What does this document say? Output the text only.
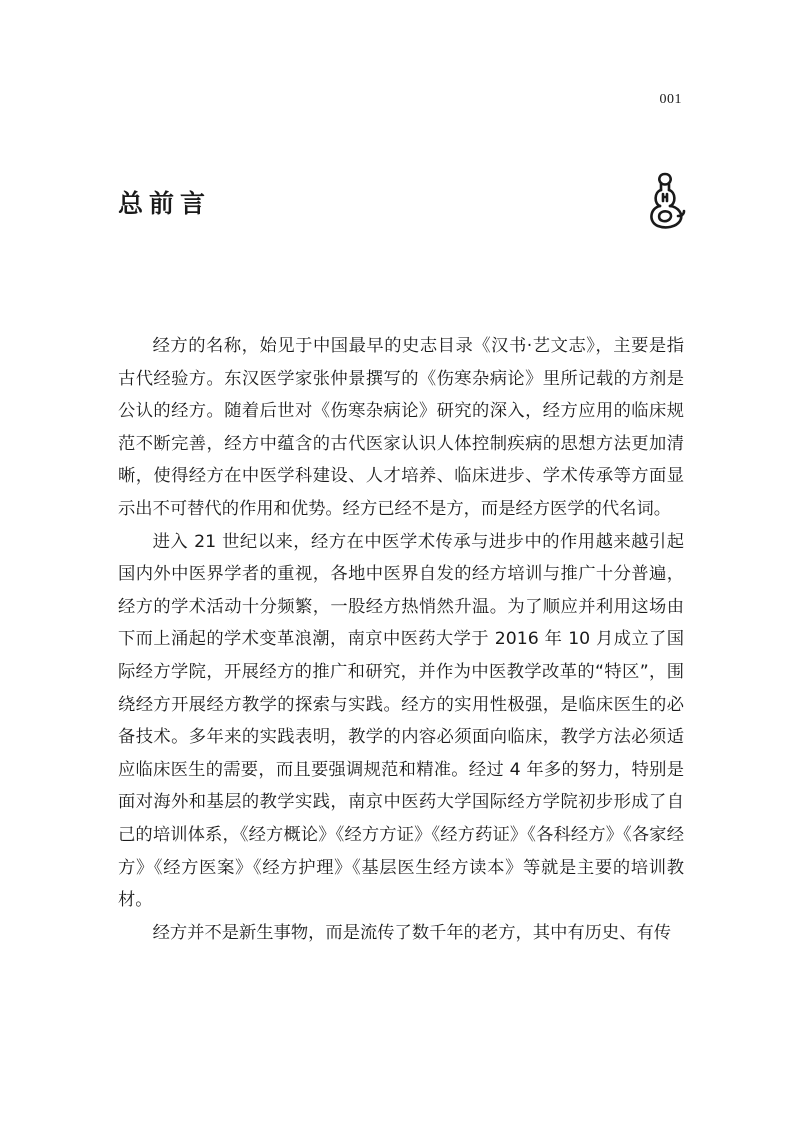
001
总前言

经方的名称，始见于中国最早的史志目录《汉书·艺文志》，主要是指古代经验方。东汉医学家张仲景撰写的《伤寒杂病论》里所记载的方剂是公认的经方。随着后世对《伤寒杂病论》研究的深入，经方应用的临床规范不断完善，经方中蕴含的古代医家认识人体控制疾病的思想方法更加清晰，使得经方在中医学科建设、人才培养、临床进步、学术传承等方面显示出不可替代的作用和优势。经方已经不是方，而是经方医学的代名词。

进入 21 世纪以来，经方在中医学术传承与进步中的作用越来越引起国内外中医界学者的重视，各地中医界自发的经方培训与推广十分普遍，经方的学术活动十分频繁，一股经方热悄然升温。为了顺应并利用这场由下而上涌起的学术变革浪潮，南京中医药大学于 2016 年 10 月成立了国际经方学院，开展经方的推广和研究，并作为中医教学改革的“特区”，围绕经方开展经方教学的探索与实践。经方的实用性极强，是临床医生的必备技术。多年来的实践表明，教学的内容必须面向临床，教学方法必须适应临床医生的需要，而且要强调规范和精准。经过 4 年多的努力，特别是面对海外和基层的教学实践，南京中医药大学国际经方学院初步形成了自己的培训体系，《经方概论》《经方方证》《经方药证》《各科经方》《各家经方》《经方医案》《经方护理》《基层医生经方读本》等就是主要的培训教材。

经方并不是新生事物，而是流传了数千年的老方，其中有历史、有传
